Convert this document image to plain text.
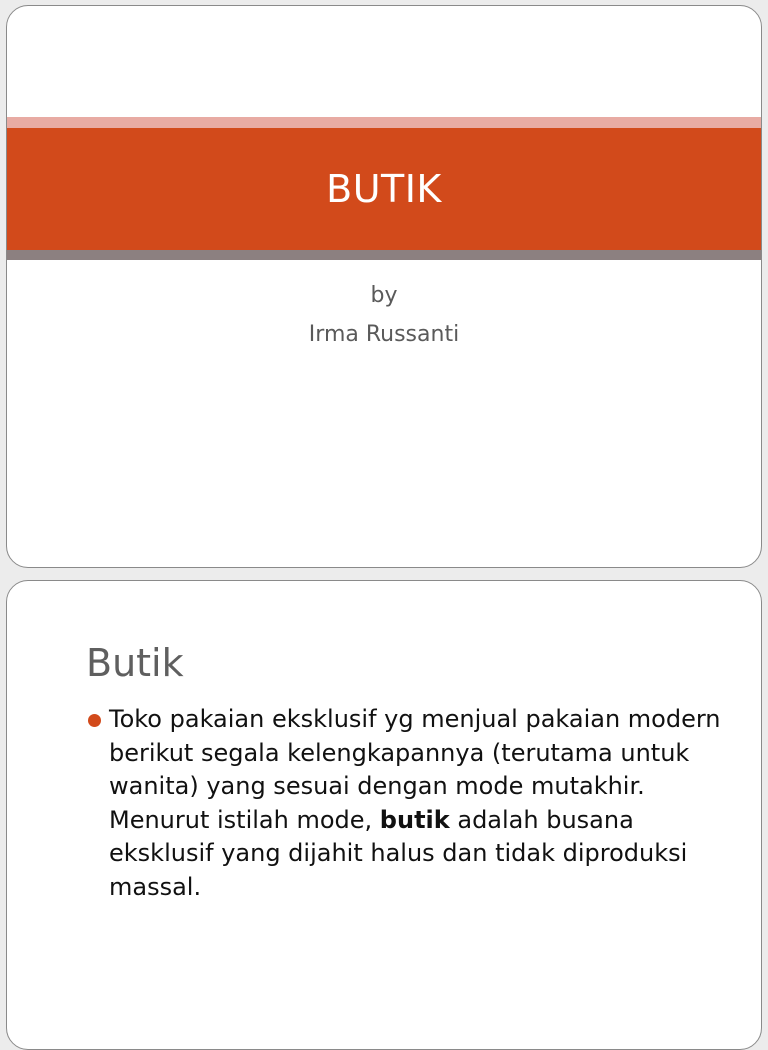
BUTIK
by
Irma Russanti
Butik
Toko pakaian eksklusif yg menjual pakaian modern berikut segala kelengkapannya (terutama untuk wanita) yang sesuai dengan mode mutakhir. Menurut istilah mode, butik adalah busana eksklusif yang dijahit halus dan tidak diproduksi massal.
